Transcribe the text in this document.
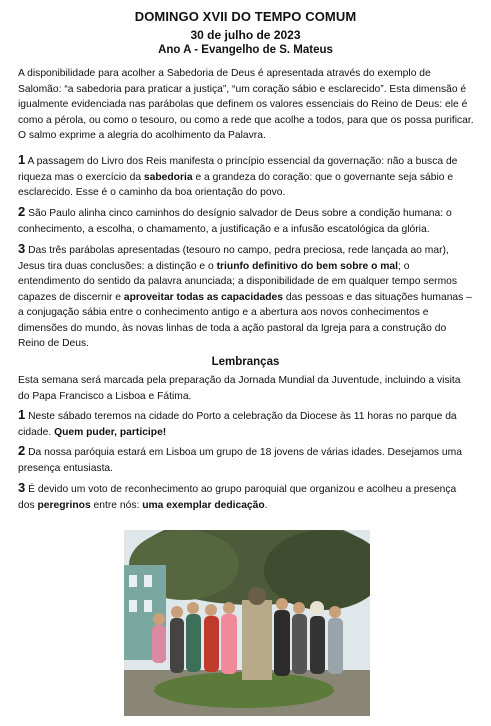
DOMINGO XVII DO TEMPO COMUM
30 de julho de 2023
Ano A - Evangelho de S. Mateus

A disponibilidade para acolher a Sabedoria de Deus é apresentada através do exemplo de Salomão: “a sabedoria para praticar a justiça”, “um coração sábio e esclarecido”. Esta dimensão é igualmente evidenciada nas parábolas que definem os valores essenciais do Reino de Deus: ele é como a pérola, ou como o tesouro, ou como a rede que acolhe a todos, para que os possa purificar. O salmo exprime a alegria do acolhimento da Palavra.

1 A passagem do Livro dos Reis manifesta o princípio essencial da governação: não a busca de riqueza mas o exercício da sabedoria e a grandeza do coração: que o governante seja sábio e esclarecido. Esse é o caminho da boa orientação do povo.

2 São Paulo alinha cinco caminhos do desígnio salvador de Deus sobre a condição humana: o conhecimento, a escolha, o chamamento, a justificação e a infusão escatológica da glória.

3 Das três parábolas apresentadas (tesouro no campo, pedra preciosa, rede lançada ao mar), Jesus tira duas conclusões: a distinção e o triunfo definitivo do bem sobre o mal; o entendimento do sentido da palavra anunciada; a disponibilidade de em qualquer tempo sermos capazes de discernir e aproveitar todas as capacidades das pessoas e das situações humanas – a conjugação sábia entre o conhecimento antigo e a abertura aos novos conhecimentos e dimensões do mundo, às novas linhas de toda a ação pastoral da Igreja para a construção do Reino de Deus.

Lembranças

Esta semana será marcada pela preparação da Jornada Mundial da Juventude, incluindo a visita do Papa Francisco a Lisboa e Fátima.

1 Neste sábado teremos na cidade do Porto a celebração da Diocese às 11 horas no parque da cidade. Quem puder, participe!

2 Da nossa paróquia estará em Lisboa um grupo de 18 jovens de várias idades. Desejamos uma presença entusiasta.

3 É devido um voto de reconhecimento ao grupo paroquial que organizou e acolheu a presença dos peregrinos entre nós: uma exemplar dedicação.
